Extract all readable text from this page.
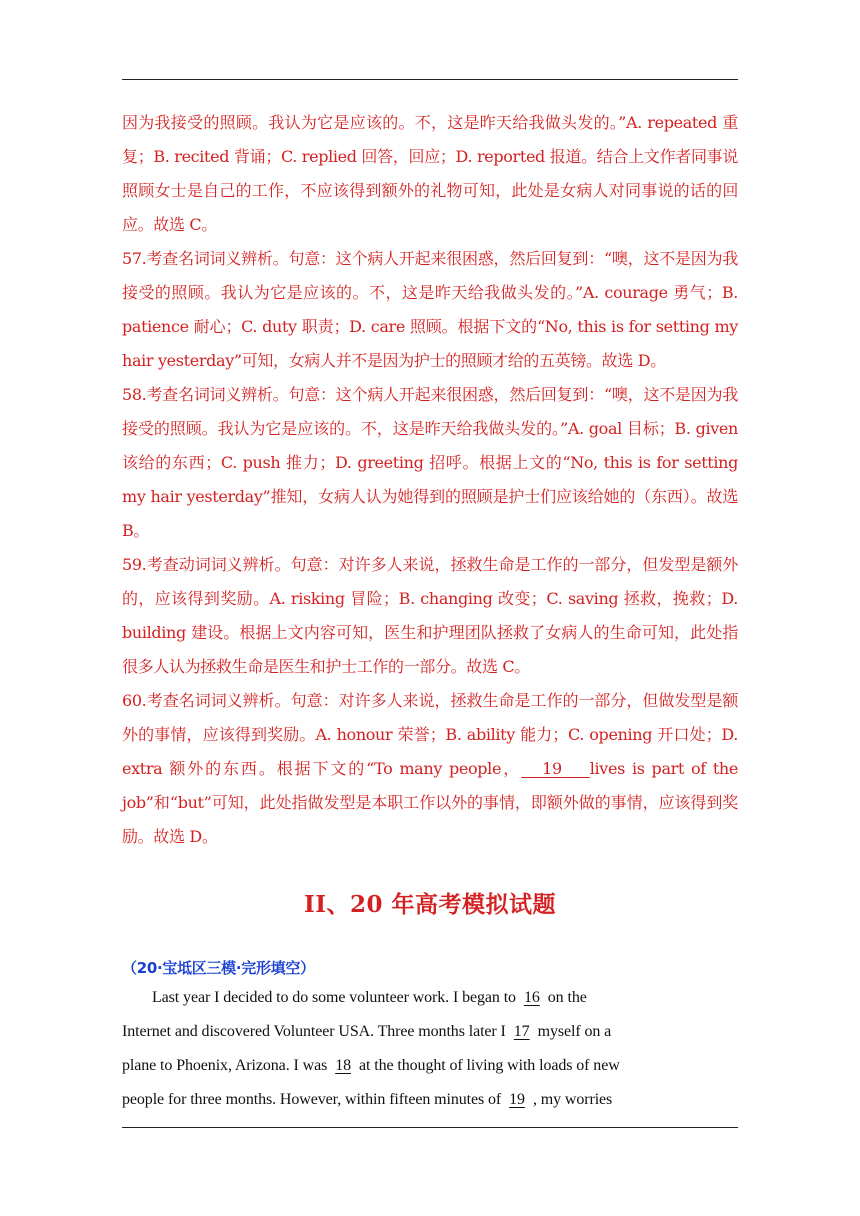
因为我接受的照顾。我认为它是应该的。不，这是昨天给我做头发的。”A. repeated 重复；B. recited 背诵；C. replied 回答，回应；D. reported 报道。结合上文作者同事说照顾女士是自己的工作，不应该得到额外的礼物可知，此处是女病人对同事说的话的回应。故选 C。

57.考查名词词义辨析。句意：这个病人开起来很困惑，然后回复到：“噢，这不是因为我接受的照顾。我认为它是应该的。不，这是昨天给我做头发的。”A. courage 勇气；B. patience 耐心；C. duty 职责；D. care 照顾。根据下文的“No, this is for setting my hair yesterday”可知，女病人并不是因为护士的照顾才给的五英镑。故选 D。

58.考查名词词义辨析。句意：这个病人开起来很困惑，然后回复到：“噢，这不是因为我接受的照顾。我认为它是应该的。不，这是昨天给我做头发的。”A. goal 目标；B. given 该给的东西；C. push 推力；D. greeting 招呼。根据上文的“No, this is for setting my hair yesterday”推知，女病人认为她得到的照顾是护士们应该给她的（东西）。故选 B。

59.考查动词词义辨析。句意：对许多人来说，拯救生命是工作的一部分，但发型是额外的，应该得到奖励。A. risking 冒险；B. changing 改变；C. saving 拯救，挽救；D. building 建设。根据上文内容可知，医生和护理团队拯救了女病人的生命可知，此处指很多人认为拯救生命是医生和护士工作的一部分。故选 C。

60.考查名词词义辨析。句意：对许多人来说，拯救生命是工作的一部分，但做发型是额外的事情，应该得到奖励。A. honour 荣誉；B. ability 能力；C. opening 开口处；D. extra 额外的东西。根据下文的“To many people， 19 lives is part of the job”和“but”可知，此处指做发型是本职工作以外的事情，即额外做的事情，应该得到奖励。故选 D。

II、20 年高考模拟试题
（20·宝坻区三模·完形填空）
Last year I decided to do some volunteer work. I began to 16 on the
Internet and discovered Volunteer USA. Three months later I 17 myself on a
plane to Phoenix, Arizona. I was 18 at the thought of living with loads of new
people for three months. However, within fifteen minutes of 19 , my worries
